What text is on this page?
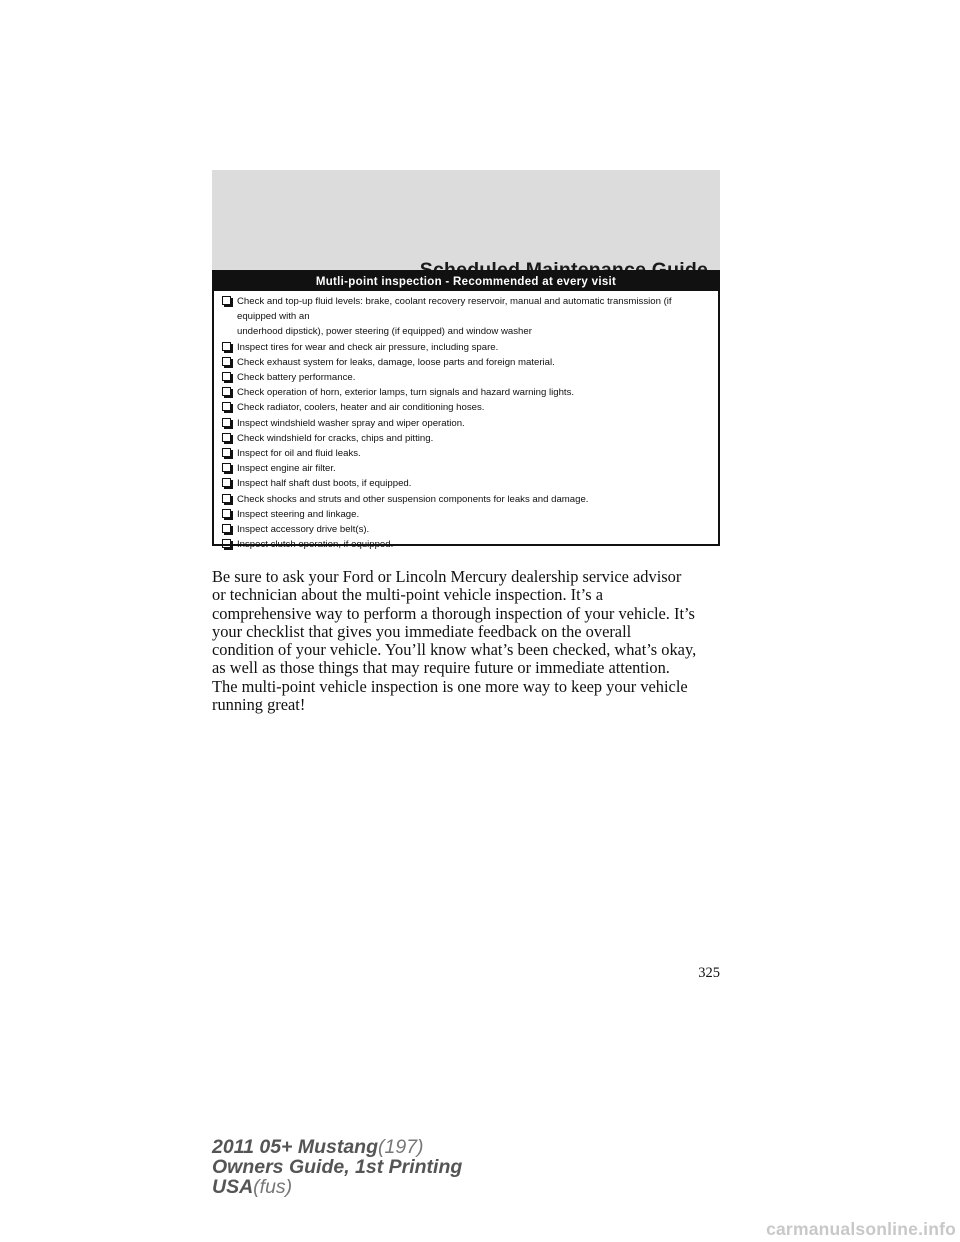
Mutli-point inspection - Recommended at every visit
Check and top-up fluid levels: brake, coolant recovery reservoir, manual and automatic transmission (if equipped with an
underhood dipstick), power steering (if equipped) and window washer
Inspect tires for wear and check air pressure, including spare.
Check exhaust system for leaks, damage, loose parts and foreign material.
Check battery performance.
Check operation of horn, exterior lamps, turn signals and hazard warning lights.
Check radiator, coolers, heater and air conditioning hoses.
Inspect windshield washer spray and wiper operation.
Check windshield for cracks, chips and pitting.
Inspect for oil and fluid leaks.
Inspect engine air filter.
Inspect half shaft dust boots, if equipped.
Check shocks and struts and other suspension components for leaks and damage.
Inspect steering and linkage.
Inspect accessory drive belt(s).
Inspect clutch operation, if equipped.
Be sure to ask your Ford or Lincoln Mercury dealership service advisor
or technician about the multi-point vehicle inspection. It’s a
comprehensive way to perform a thorough inspection of your vehicle. It’s
your checklist that gives you immediate feedback on the overall
condition of your vehicle. You’ll know what’s been checked, what’s okay,
as well as those things that may require future or immediate attention.
The multi-point vehicle inspection is one more way to keep your vehicle
running great!
325
2011 05+ Mustang(197)
Owners Guide, 1st Printing
USA(fus)
carmanualsonline.info
